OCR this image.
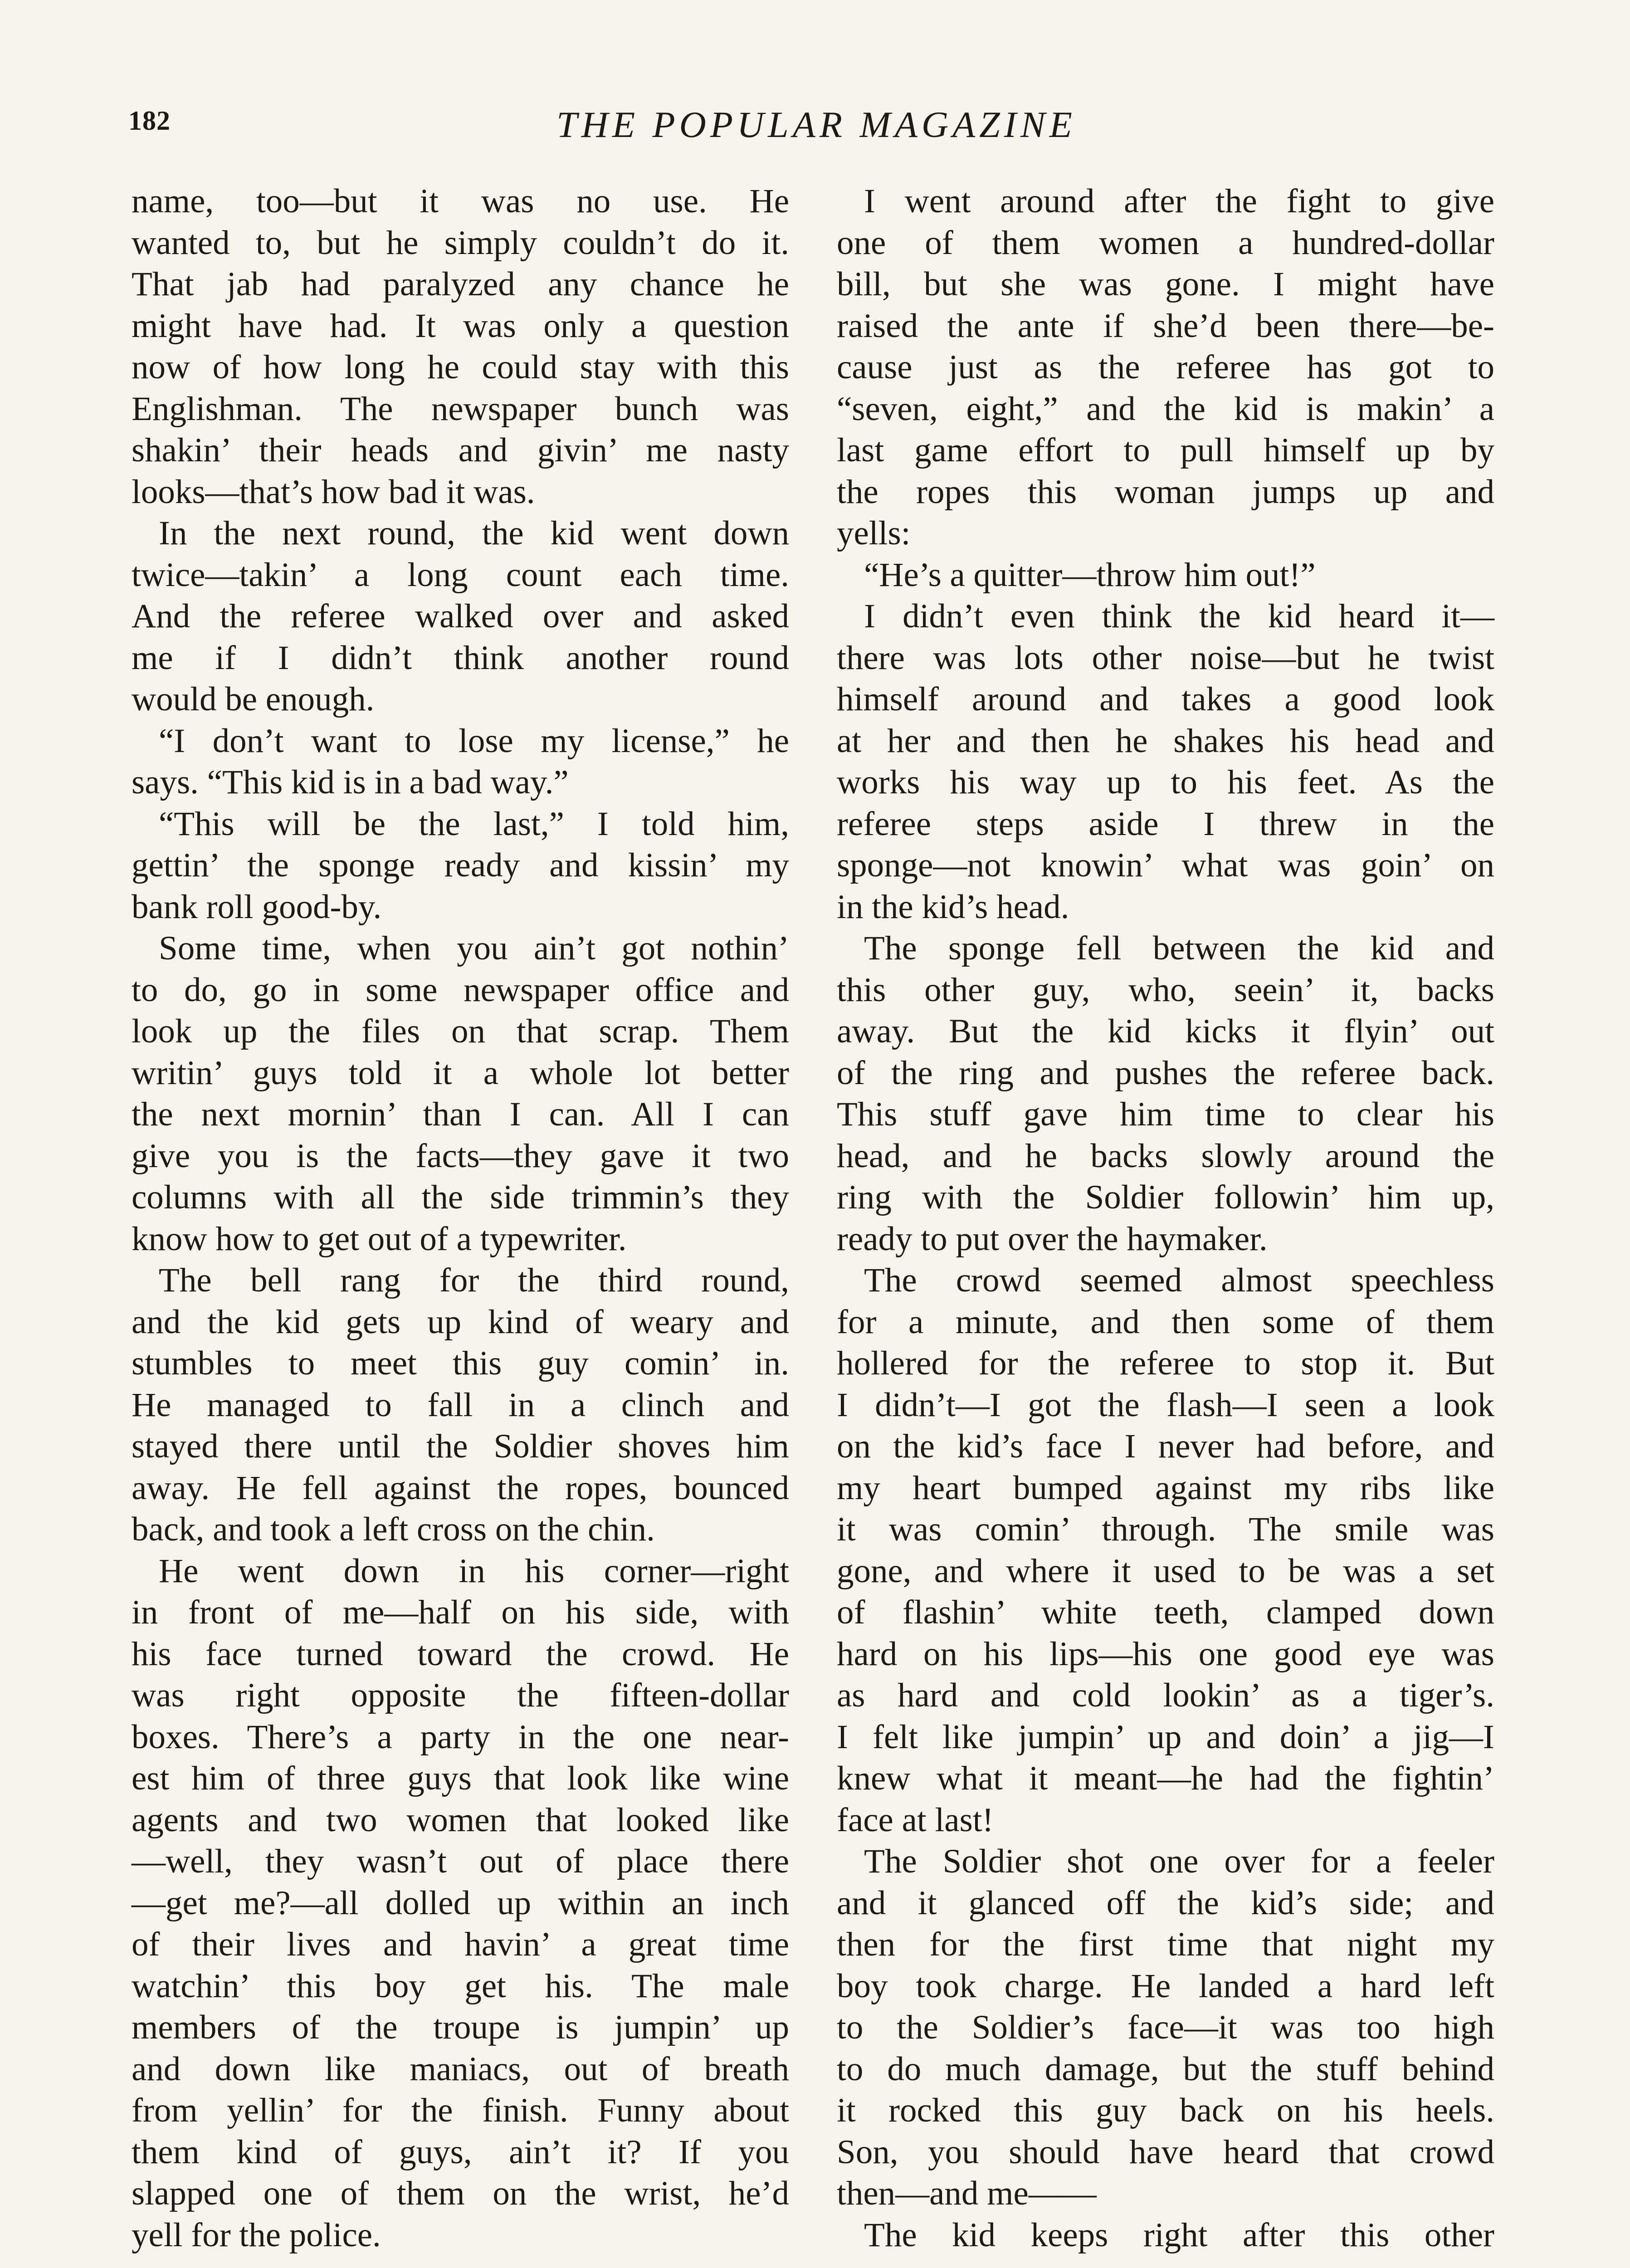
182	THE POPULAR MAGAZINE
name, too—but it was no use. He
wanted to, but he simply couldn’t do it.
That jab had paralyzed any chance he
might have had. It was only a question
now of how long he could stay with this
Englishman. The newspaper bunch was
shakin’ their heads and givin’ me nasty
looks—that’s how bad it was.
In the next round, the kid went down
twice—takin’ a long count each time.
And the referee walked over and asked
me if I didn’t think another round
would be enough.
“I don’t want to lose my license,” he
says. “This kid is in a bad way.”
“This will be the last,” I told him,
gettin’ the sponge ready and kissin’ my
bank roll good-by.
Some time, when you ain’t got nothin’
to do, go in some newspaper office and
look up the files on that scrap. Them
writin’ guys told it a whole lot better
the next mornin’ than I can. All I can
give you is the facts—they gave it two
columns with all the side trimmin’s they
know how to get out of a typewriter.
The bell rang for the third round,
and the kid gets up kind of weary and
stumbles to meet this guy comin’ in.
He managed to fall in a clinch and
stayed there until the Soldier shoves him
away. He fell against the ropes, bounced
back, and took a left cross on the chin.
He went down in his corner—right
in front of me—half on his side, with
his face turned toward the crowd. He
was right opposite the fifteen-dollar
boxes. There’s a party in the one near-
est him of three guys that look like wine
agents and two women that looked like
—well, they wasn’t out of place there
—get me?—all dolled up within an inch
of their lives and havin’ a great time
watchin’ this boy get his. The male
members of the troupe is jumpin’ up
and down like maniacs, out of breath
from yellin’ for the finish. Funny about
them kind of guys, ain’t it? If you
slapped one of them on the wrist, he’d
yell for the police.
I went around after the fight to give
one of them women a hundred-dollar
bill, but she was gone. I might have
raised the ante if she’d been there—be-
cause just as the referee has got to
“seven, eight,” and the kid is makin’ a
last game effort to pull himself up by
the ropes this woman jumps up and
yells:
“He’s a quitter—throw him out!”
I didn’t even think the kid heard it—
there was lots other noise—but he twist
himself around and takes a good look
at her and then he shakes his head and
works his way up to his feet. As the
referee steps aside I threw in the
sponge—not knowin’ what was goin’ on
in the kid’s head.
The sponge fell between the kid and
this other guy, who, seein’ it, backs
away. But the kid kicks it flyin’ out
of the ring and pushes the referee back.
This stuff gave him time to clear his
head, and he backs slowly around the
ring with the Soldier followin’ him up,
ready to put over the haymaker.
The crowd seemed almost speechless
for a minute, and then some of them
hollered for the referee to stop it. But
I didn’t—I got the flash—I seen a look
on the kid’s face I never had before, and
my heart bumped against my ribs like
it was comin’ through. The smile was
gone, and where it used to be was a set
of flashin’ white teeth, clamped down
hard on his lips—his one good eye was
as hard and cold lookin’ as a tiger’s.
I felt like jumpin’ up and doin’ a jig—I
knew what it meant—he had the fightin’
face at last!
The Soldier shot one over for a feeler
and it glanced off the kid’s side; and
then for the first time that night my
boy took charge. He landed a hard left
to the Soldier’s face—it was too high
to do much damage, but the stuff behind
it rocked this guy back on his heels.
Son, you should have heard that crowd
then—and me——
The kid keeps right after this other
